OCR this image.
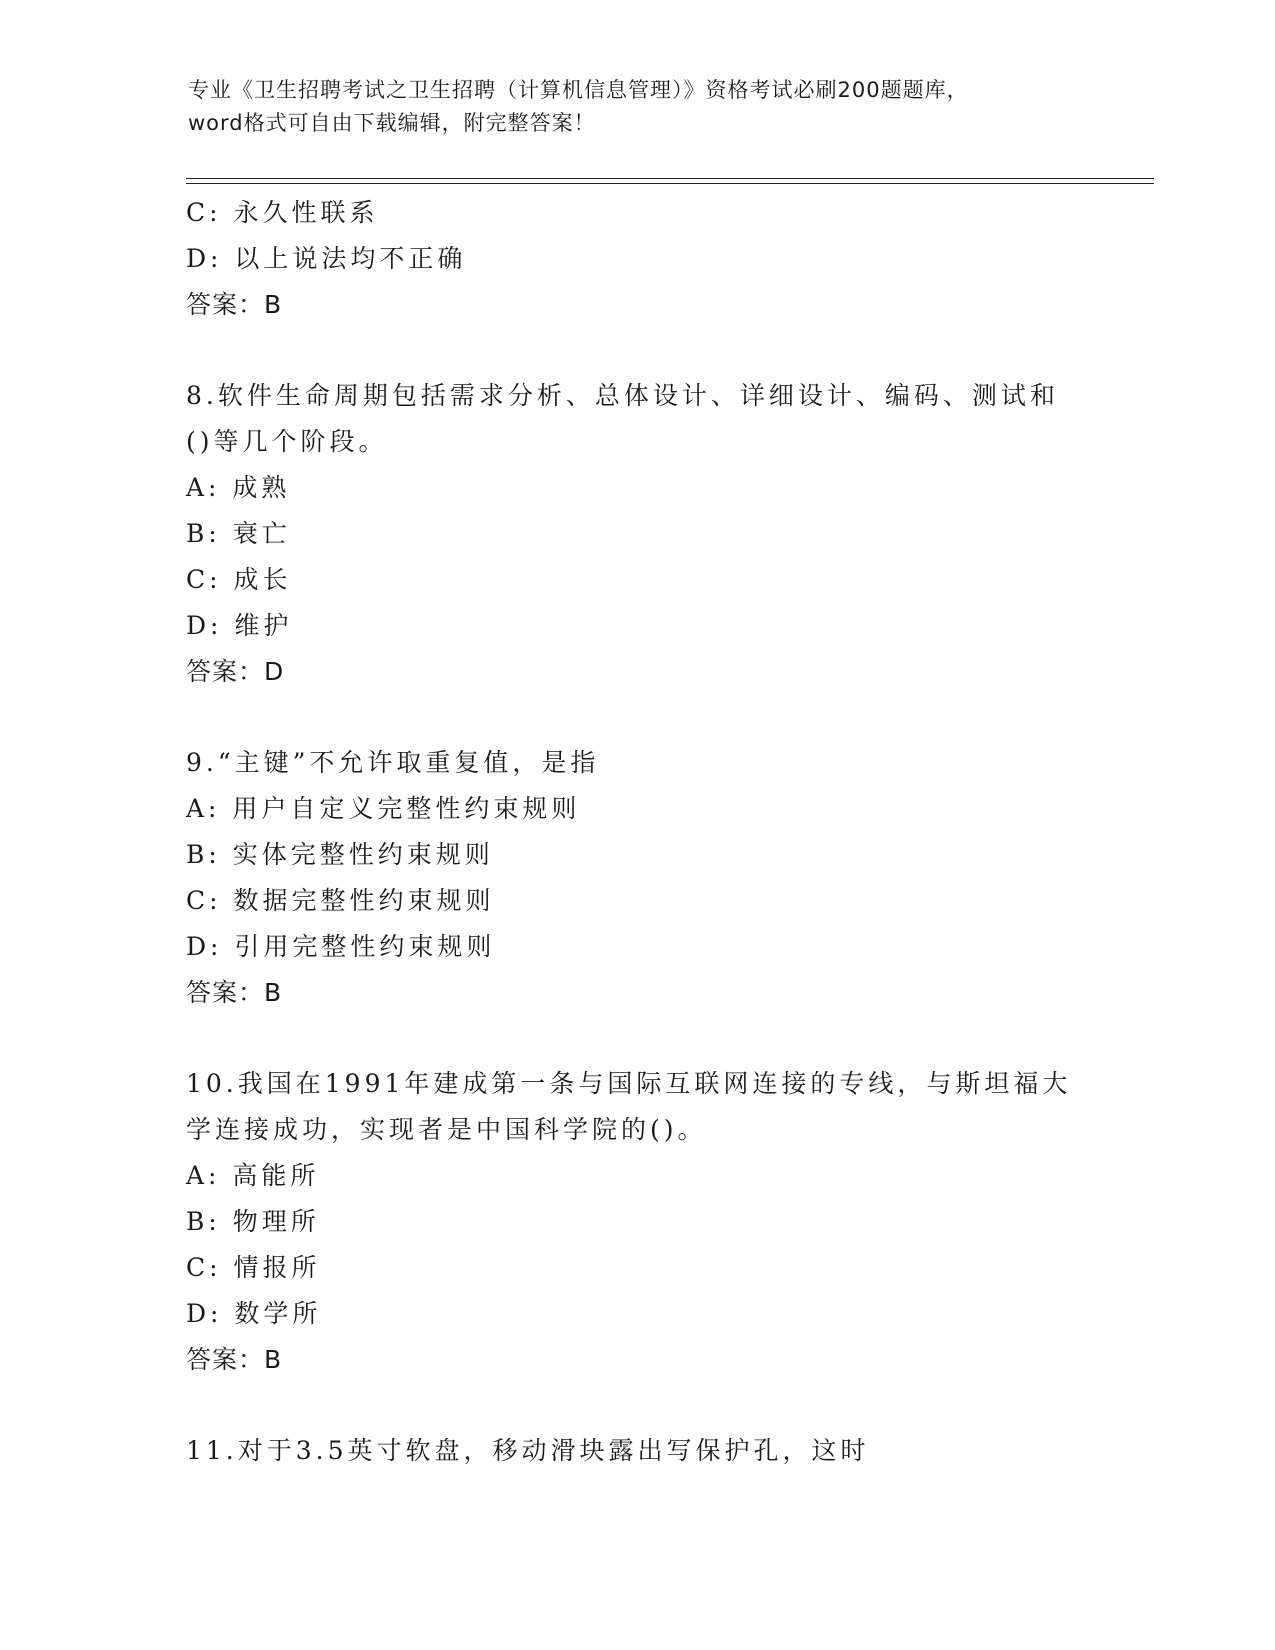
专业《卫生招聘考试之卫生招聘（计算机信息管理）》资格考试必刷200题题库，
word格式可自由下载编辑，附完整答案！
C: 永久性联系
D: 以上说法均不正确
答案：B
8.软件生命周期包括需求分析、总体设计、详细设计、编码、测试和
()等几个阶段。
A: 成熟
B: 衰亡
C: 成长
D: 维护
答案：D
9.“主键”不允许取重复值，是指
A: 用户自定义完整性约束规则
B: 实体完整性约束规则
C: 数据完整性约束规则
D: 引用完整性约束规则
答案：B
10.我国在1991年建成第一条与国际互联网连接的专线，与斯坦福大
学连接成功，实现者是中国科学院的()。
A: 高能所
B: 物理所
C: 情报所
D: 数学所
答案：B
11.对于3.5英寸软盘，移动滑块露出写保护孔，这时
